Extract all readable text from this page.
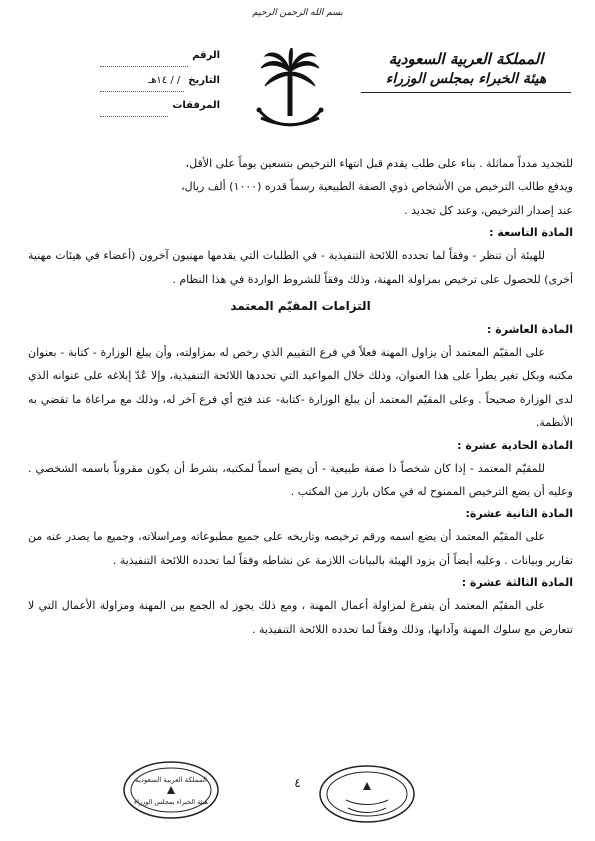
بسم الله الرحمن الرحيم
المملكة العربية السعودية
هيئة الخبراء بمجلس الوزراء
الرقم
التاريخ
/ / ١٤هـ
المرفقات

للتجديد مدداً مماثلة . بناء على طلب يقدم قبل انتهاء الترخيص بتسعين يوماً على الأقل،

ويدفع طالب الترخيص من الأشخاص ذوي الصفة الطبيعية رسماً قدره (١٠٠٠) ألف ريال،

عند إصدار الترخيص، وعند كل تجديد .

المادة التاسعة :

للهيئة أن تنظر - وفقاً لما تحدده اللائحة التنفيذية - في الطلبات التي يقدمها مهنيون آخرون (أعضاء في هيئات مهنية أخرى) للحصول على ترخيص بمزاولة المهنة، وذلك وفقاً للشروط الواردة في هذا النظام .

التزامات المقيّم المعتمد
المادة العاشرة :

على المقيّم المعتمد أن يزاول المهنة فعلاً في فرع التقييم الذي رخص له بمزاولته، وأن يبلغ الوزارة - كتابة - بعنوان مكتبه وبكل تغير يطرأ على هذا العنوان، وذلك خلال المواعيد التي تحددها اللائحة التنفيذية، وإلا عُدّ إبلاغه على عنوانه الذي لدى الوزارة صحيحاً . وعلى المقيّم المعتمد أن يبلغ الوزارة -كتابة- عند فتح أي فرع آخر له، وذلك مع مراعاة ما تقضي به الأنظمة.

المادة الحادية عشرة :

للمقيّم المعتمد - إذا كان شخصاً ذا صفة طبيعية - أن يضع اسماً لمكتبه، بشرط أن يكون مقروناً باسمه الشخصي . وعليه أن يضع الترخيص الممنوح له في مكان بارز من المكتب .

المادة الثانية عشرة:

على المقيّم المعتمد أن يضع اسمه ورقم ترخيصه وتاريخه على جميع مطبوعاته ومراسلاته، وجميع ما يصدر عنه من تقارير وبيانات . وعليه أيضاً أن يزود الهيئة بالبيانات اللازمة عن نشاطه وفقاً لما تحدده اللائحة التنفيذية .

المادة الثالثة عشرة :

على المقيّم المعتمد أن يتفرغ لمزاولة أعمال المهنة ، ومع ذلك يجوز له الجمع بين المهنة ومزاولة الأعمال التي لا تتعارض مع سلوك المهنة وآدابها، وذلك وفقاً لما تحدده اللائحة التنفيذية .

المملكة العربية السعودية
هيئة الخبراء بمجلس الوزراء
٤
